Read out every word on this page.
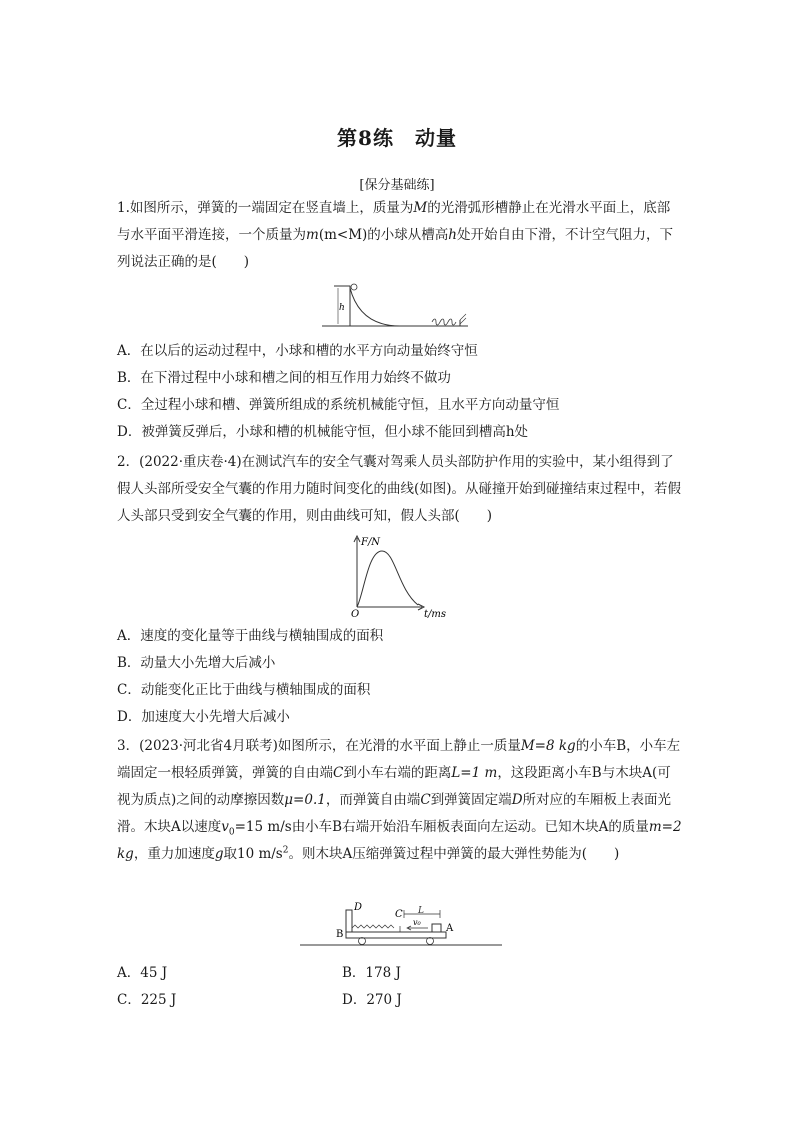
第8练　动量
[保分基础练]

1.如图所示，弹簧的一端固定在竖直墙上，质量为M的光滑弧形槽静止在光滑水平面上，底部与水平面平滑连接，一个质量为m(m<M)的小球从槽高h处开始自由下滑，不计空气阻力，下列说法正确的是(　　)

h
A．在以后的运动过程中，小球和槽的水平方向动量始终守恒
B．在下滑过程中小球和槽之间的相互作用力始终不做功
C．全过程小球和槽、弹簧所组成的系统机械能守恒，且水平方向动量守恒
D．被弹簧反弹后，小球和槽的机械能守恒，但小球不能回到槽高h处

2．(2022·重庆卷·4)在测试汽车的安全气囊对驾乘人员头部防护作用的实验中，某小组得到了假人头部所受安全气囊的作用力随时间变化的曲线(如图)。从碰撞开始到碰撞结束过程中，若假人头部只受到安全气囊的作用，则由曲线可知，假人头部(　　)

F/N
O	t/ms
A．速度的变化量等于曲线与横轴围成的面积
B．动量大小先增大后减小
C．动能变化正比于曲线与横轴围成的面积
D．加速度大小先增大后减小

3．(2023·河北省4月联考)如图所示，在光滑的水平面上静止一质量M=8 kg的小车B，小车左端固定一根轻质弹簧，弹簧的自由端C到小车右端的距离L=1 m，这段距离小车B与木块A(可视为质点)之间的动摩擦因数μ=0.1，而弹簧自由端C到弹簧固定端D所对应的车厢板上表面光滑。木块A以速度$v_0=15$ m/s由小车B右端开始沿车厢板表面向左运动。已知木块A的质量m=2 kg，重力加速度g取10 $m/s^2$。则木块A压缩弹簧过程中弹簧的最大弹性势能为(　　)

D
C L
v₀
A
B
A．45 J	B．178 J
C．225 J	D．270 J
